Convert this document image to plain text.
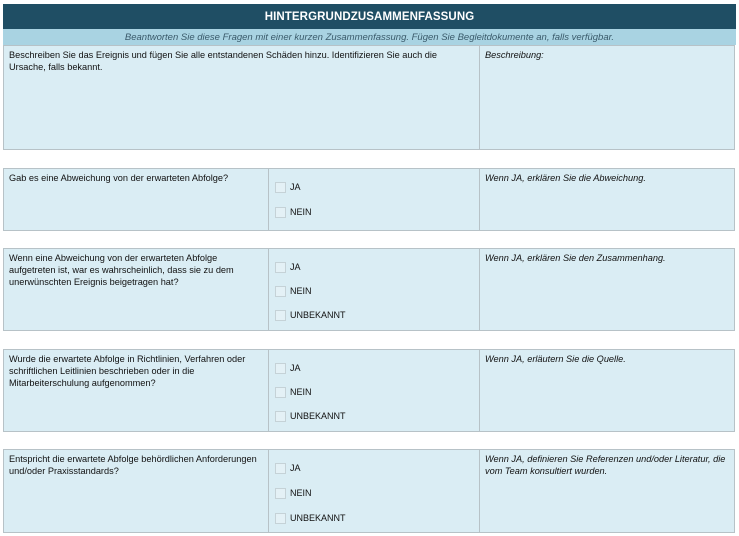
HINTERGRUNDZUSAMMENFASSUNG
Beantworten Sie diese Fragen mit einer kurzen Zusammenfassung. Fügen Sie Begleitdokumente an, falls verfügbar.
Beschreiben Sie das Ereignis und fügen Sie alle entstandenen Schäden hinzu. Identifizieren Sie auch die Ursache, falls bekannt.
Beschreibung:
Gab es eine Abweichung von der erwarteten Abfolge?
JA
NEIN
Wenn JA, erklären Sie die Abweichung.
Wenn eine Abweichung von der erwarteten Abfolge aufgetreten ist, war es wahrscheinlich, dass sie zu dem unerwünschten Ereignis beigetragen hat?
JA
NEIN
UNBEKANNT
Wenn JA, erklären Sie den Zusammenhang.
Wurde die erwartete Abfolge in Richtlinien, Verfahren oder schriftlichen Leitlinien beschrieben oder in die Mitarbeiterschulung aufgenommen?
JA
NEIN
UNBEKANNT
Wenn JA, erläutern Sie die Quelle.
Entspricht die erwartete Abfolge behördlichen Anforderungen und/oder Praxisstandards?	JA
NEIN
UNBEKANNT
Wenn JA, definieren Sie Referenzen und/oder Literatur, die vom Team konsultiert wurden.
